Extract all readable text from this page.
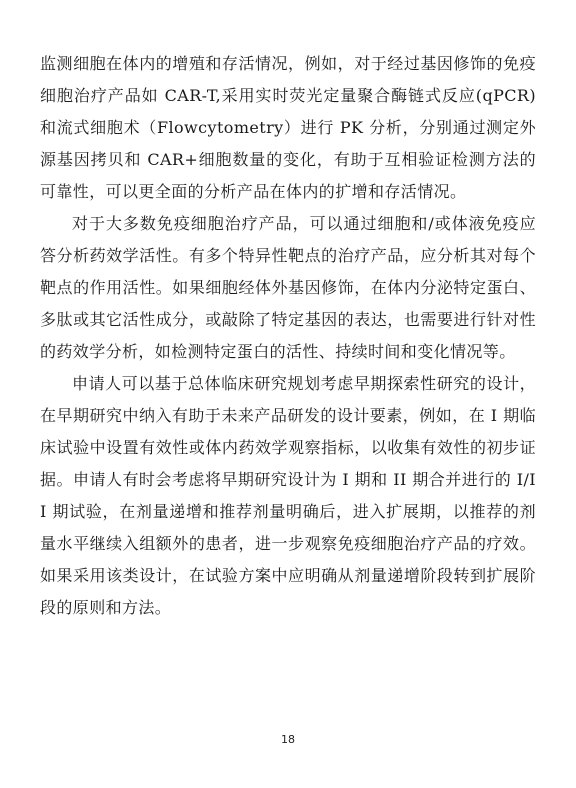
监测细胞在体内的增殖和存活情况，例如，对于经过基因修饰的免疫细胞治疗产品如 CAR-T,采用实时荧光定量聚合酶链式反应(qPCR)和流式细胞术（Flowcytometry）进行 PK 分析，分别通过测定外源基因拷贝和 CAR+细胞数量的变化，有助于互相验证检测方法的可靠性，可以更全面的分析产品在体内的扩增和存活情况。

对于大多数免疫细胞治疗产品，可以通过细胞和/或体液免疫应答分析药效学活性。有多个特异性靶点的治疗产品，应分析其对每个靶点的作用活性。如果细胞经体外基因修饰，在体内分泌特定蛋白、多肽或其它活性成分，或敲除了特定基因的表达，也需要进行针对性的药效学分析，如检测特定蛋白的活性、持续时间和变化情况等。

申请人可以基于总体临床研究规划考虑早期探索性研究的设计，在早期研究中纳入有助于未来产品研发的设计要素，例如，在 I 期临床试验中设置有效性或体内药效学观察指标，以收集有效性的初步证据。申请人有时会考虑将早期研究设计为 I 期和 II 期合并进行的 I/II 期试验，在剂量递增和推荐剂量明确后，进入扩展期，以推荐的剂量水平继续入组额外的患者，进一步观察免疫细胞治疗产品的疗效。如果采用该类设计，在试验方案中应明确从剂量递增阶段转到扩展阶段的原则和方法。

18
